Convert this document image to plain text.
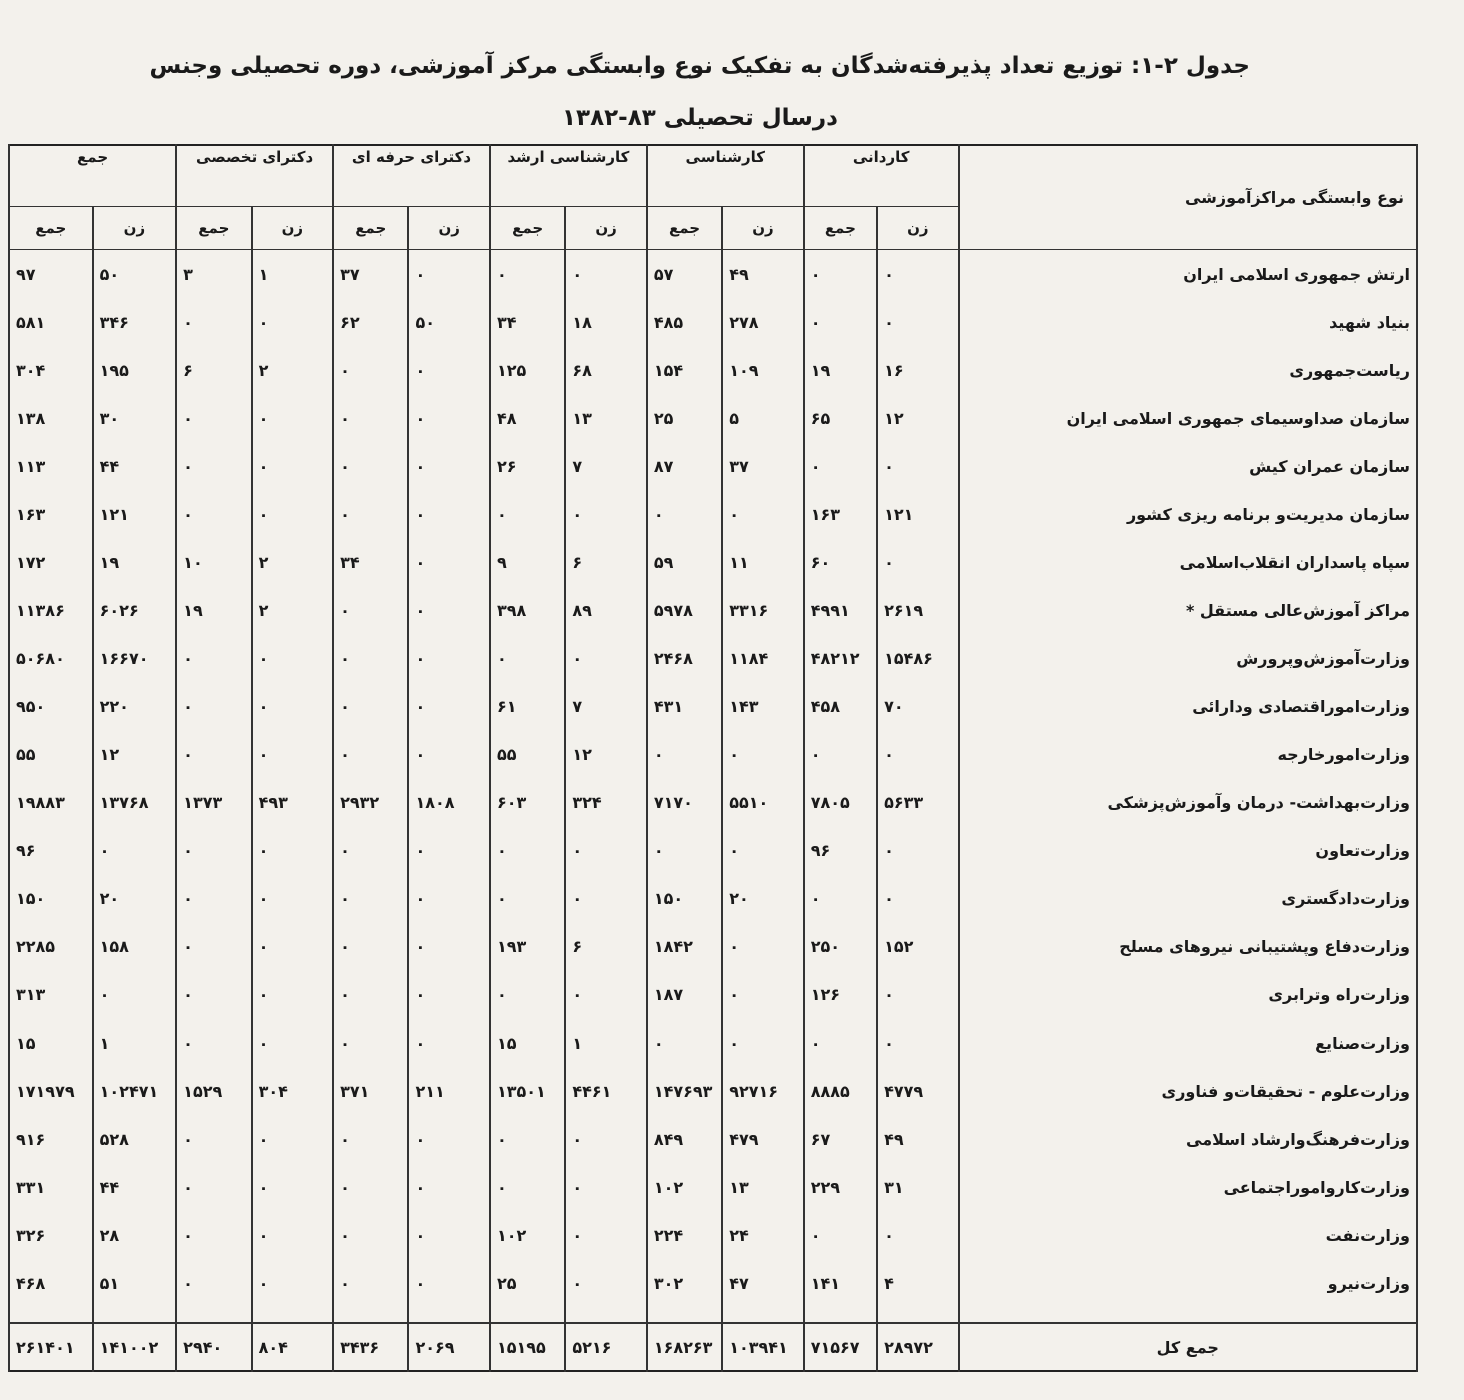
جدول ۲-۱: توزیع تعداد پذیرفته‌شدگان به تفکیک نوع وابستگی مرکز آموزشی، دوره تحصیلی وجنس
درسال تحصیلی ۸۳-۱۳۸۲
نوع وابستگی مراکزآموزشی	کاردانی		کارشناسی		کارشناسی ارشد		دکترای حرفه ای		دکترای تخصصی		جمع	
	زن	جمع	زن	جمع	زن	جمع	زن	جمع	زن	جمع	زن	جمع
ارتش جمهوری اسلامی ایران	۰	۰	۴۹	۵۷	۰	۰	۰	۳۷	۱	۳	۵۰	۹۷
بنیاد شهید	۰	۰	۲۷۸	۴۸۵	۱۸	۳۴	۵۰	۶۲	۰	۰	۳۴۶	۵۸۱
ریاست‌جمهوری	۱۶	۱۹	۱۰۹	۱۵۴	۶۸	۱۲۵	۰	۰	۲	۶	۱۹۵	۳۰۴
سازمان صداوسیمای جمهوری اسلامی ایران	۱۲	۶۵	۵	۲۵	۱۳	۴۸	۰	۰	۰	۰	۳۰	۱۳۸
سازمان عمران کیش	۰	۰	۳۷	۸۷	۷	۲۶	۰	۰	۰	۰	۴۴	۱۱۳
سازمان مدیریت‌و برنامه ریزی کشور	۱۲۱	۱۶۳	۰	۰	۰	۰	۰	۰	۰	۰	۱۲۱	۱۶۳
سپاه پاسداران انقلاب‌اسلامی	۰	۶۰	۱۱	۵۹	۶	۹	۰	۳۴	۲	۱۰	۱۹	۱۷۲
مراکز آموزش‌عالی مستقل *	۲۶۱۹	۴۹۹۱	۳۳۱۶	۵۹۷۸	۸۹	۳۹۸	۰	۰	۲	۱۹	۶۰۲۶	۱۱۳۸۶
وزارت‌آموزش‌وپرورش	۱۵۴۸۶	۴۸۲۱۲	۱۱۸۴	۲۴۶۸	۰	۰	۰	۰	۰	۰	۱۶۶۷۰	۵۰۶۸۰
وزارت‌اموراقتصادی ودارائی	۷۰	۴۵۸	۱۴۳	۴۳۱	۷	۶۱	۰	۰	۰	۰	۲۲۰	۹۵۰
وزارت‌امورخارجه	۰	۰	۰	۰	۱۲	۵۵	۰	۰	۰	۰	۱۲	۵۵
وزارت‌بهداشت- درمان وآموزش‌پزشکی	۵۶۳۳	۷۸۰۵	۵۵۱۰	۷۱۷۰	۳۲۴	۶۰۳	۱۸۰۸	۲۹۳۲	۴۹۳	۱۳۷۳	۱۳۷۶۸	۱۹۸۸۳
وزارت‌تعاون	۰	۹۶	۰	۰	۰	۰	۰	۰	۰	۰	۰	۹۶
وزارت‌دادگستری	۰	۰	۲۰	۱۵۰	۰	۰	۰	۰	۰	۰	۲۰	۱۵۰
وزارت‌دفاع وپشتیبانی نیروهای مسلح	۱۵۲	۲۵۰	۰	۱۸۴۲	۶	۱۹۳	۰	۰	۰	۰	۱۵۸	۲۲۸۵
وزارت‌راه وترابری	۰	۱۲۶	۰	۱۸۷	۰	۰	۰	۰	۰	۰	۰	۳۱۳
وزارت‌صنایع	۰	۰	۰	۰	۱	۱۵	۰	۰	۰	۰	۱	۱۵
وزارت‌علوم - تحقیقات‌و فناوری	۴۷۷۹	۸۸۸۵	۹۲۷۱۶	۱۴۷۶۹۳	۴۴۶۱	۱۳۵۰۱	۲۱۱	۳۷۱	۳۰۴	۱۵۲۹	۱۰۲۴۷۱	۱۷۱۹۷۹
وزارت‌فرهنگ‌وارشاد اسلامی	۴۹	۶۷	۴۷۹	۸۴۹	۰	۰	۰	۰	۰	۰	۵۲۸	۹۱۶
وزارت‌کارواموراجتماعی	۳۱	۲۲۹	۱۳	۱۰۲	۰	۰	۰	۰	۰	۰	۴۴	۳۳۱
وزارت‌نفت	۰	۰	۲۴	۲۲۴	۰	۱۰۲	۰	۰	۰	۰	۲۸	۳۲۶
وزارت‌نیرو	۴	۱۴۱	۴۷	۳۰۲	۰	۲۵	۰	۰	۰	۰	۵۱	۴۶۸

جمع کل	۲۸۹۷۲	۷۱۵۶۷	۱۰۳۹۴۱	۱۶۸۲۶۳	۵۲۱۶	۱۵۱۹۵	۲۰۶۹	۳۴۳۶	۸۰۴	۲۹۴۰	۱۴۱۰۰۲	۲۶۱۴۰۱
